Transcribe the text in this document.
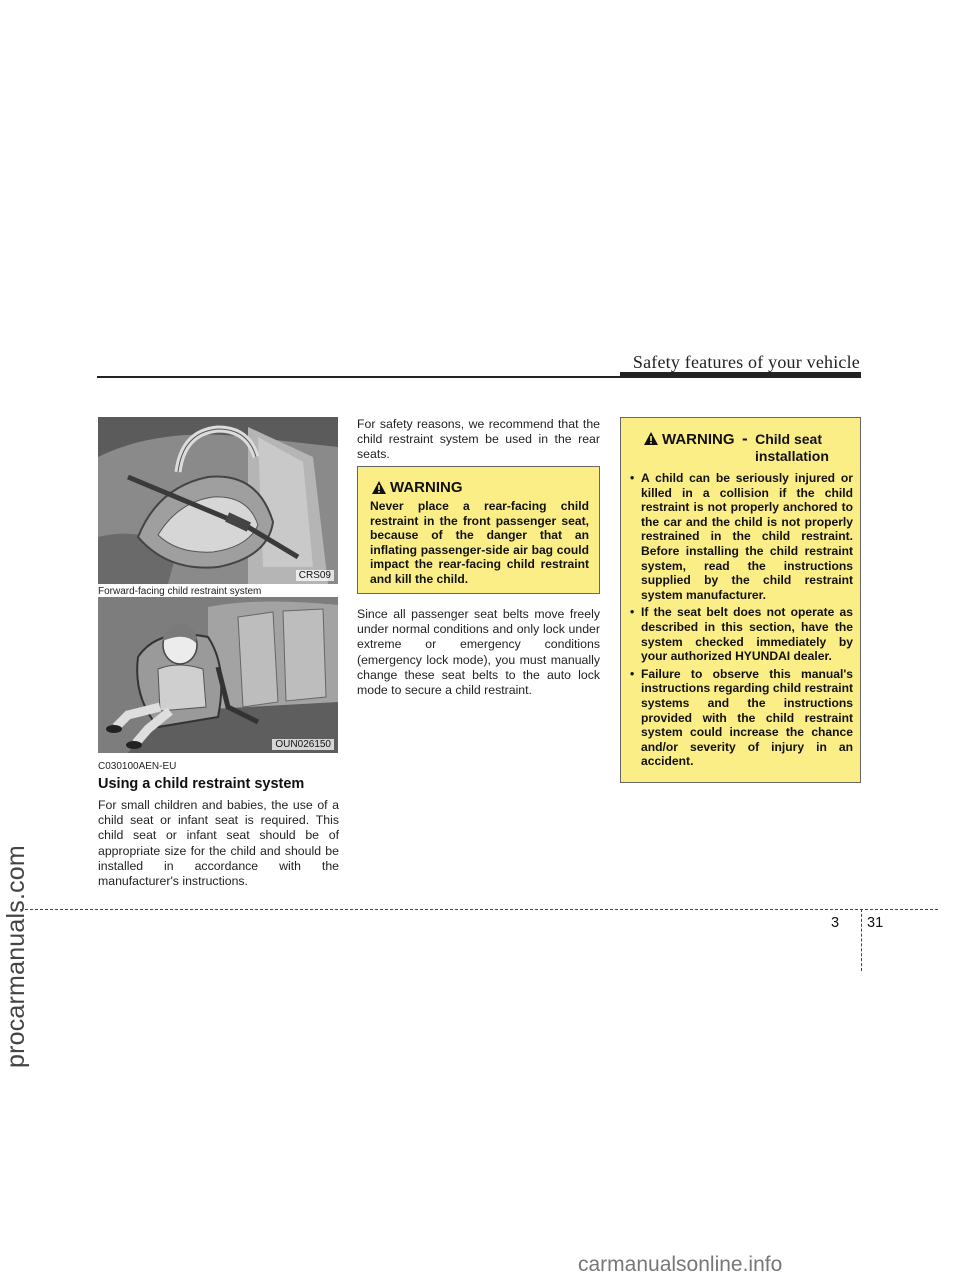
procarmanuals.com
carmanualsonline.info
Safety features of your vehicle
CRS09
Forward-facing child restraint system
OUN026150
C030100AEN-EU
Using a child restraint system
For small children and babies, the use of a child seat or infant seat is required. This child seat or infant seat should be of appropriate size for the child and should be installed in accordance with the manufacturer's instructions.
For safety reasons, we recommend that the child restraint system be used in the rear seats.
WARNING
Never place a rear-facing child restraint in the front passenger seat, because of the danger that an inflating passenger-side air bag could impact the rear-facing child restraint and kill the child.
Since all passenger seat belts move freely under normal conditions and only lock under extreme or emergency conditions (emergency lock mode), you must manually change these seat belts to the auto lock mode to secure a child restraint.
WARNING - Child seat
installation
• A child can be seriously injured or killed in a collision if the child restraint is not properly anchored to the car and the child is not properly restrained in the child restraint. Before installing the child restraint system, read the instructions supplied by the child restraint system manufacturer.
• If the seat belt does not operate as described in this section, have the system checked immediately by your authorized HYUNDAI dealer.
• Failure to observe this manual's instructions regarding child restraint systems and the instructions provided with the child restraint system could increase the chance and/or severity of injury in an accident.
3 31
